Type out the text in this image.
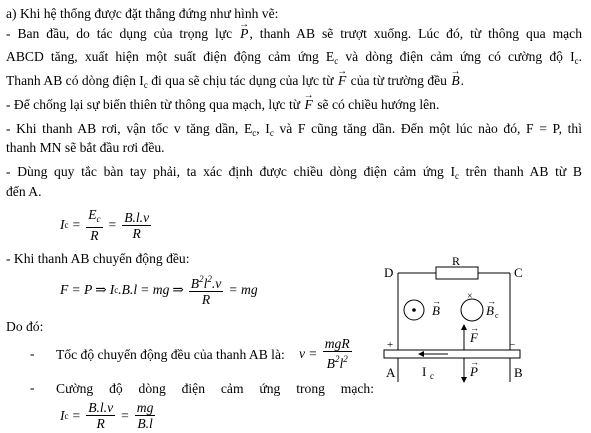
a) Khi hệ thống được đặt thẳng đứng như hình vẽ:
- Ban đầu, do tác dụng của trọng lực → P, thanh AB sẽ trượt xuống. Lúc đó, từ thông qua mạch
ABCD tăng, xuất hiện một suất điện động cảm ứng $E_c$ và dòng điện cảm ứng có cường độ $I_c$.
Thanh AB có dòng điện $I_c$ đi qua sẽ chịu tác dụng của lực từ → F của từ trường đều → B.
- Để chống lại sự biến thiên từ thông qua mạch, lực từ → F sẽ có chiều hướng lên.
- Khi thanh AB rơi, vận tốc v tăng dần, $E_c$, $I_c$ và F cũng tăng dần. Đến một lúc nào đó, F = P, thì
thanh MN sẽ bắt đầu rơi đều.
- Dùng quy tắc bàn tay phải, ta xác định được chiều dòng điện cảm ứng $I_c$ trên thanh AB từ B
đến A.
I $c = \frac{E_c}{R} = \frac{B.l.v}{R}$
- Khi thanh AB chuyển động đều:
F = P ⇒ I c .B.l = mg ⇒ $\frac{B^2l^2.v}{R}$ = mg
Do đó:
- Tốc độ chuyển động đều của thanh AB là: $v = \frac{\text{mgR}}{B^2l^2}$
- Cường độ dòng điện cảm ứng trong mạch:
I $c = \frac{B.l.v}{R} = \frac{mg}{B.l}$
D	C
R
A	B
B
→	×
B c
→
F
→
P
→
I c
+	−
